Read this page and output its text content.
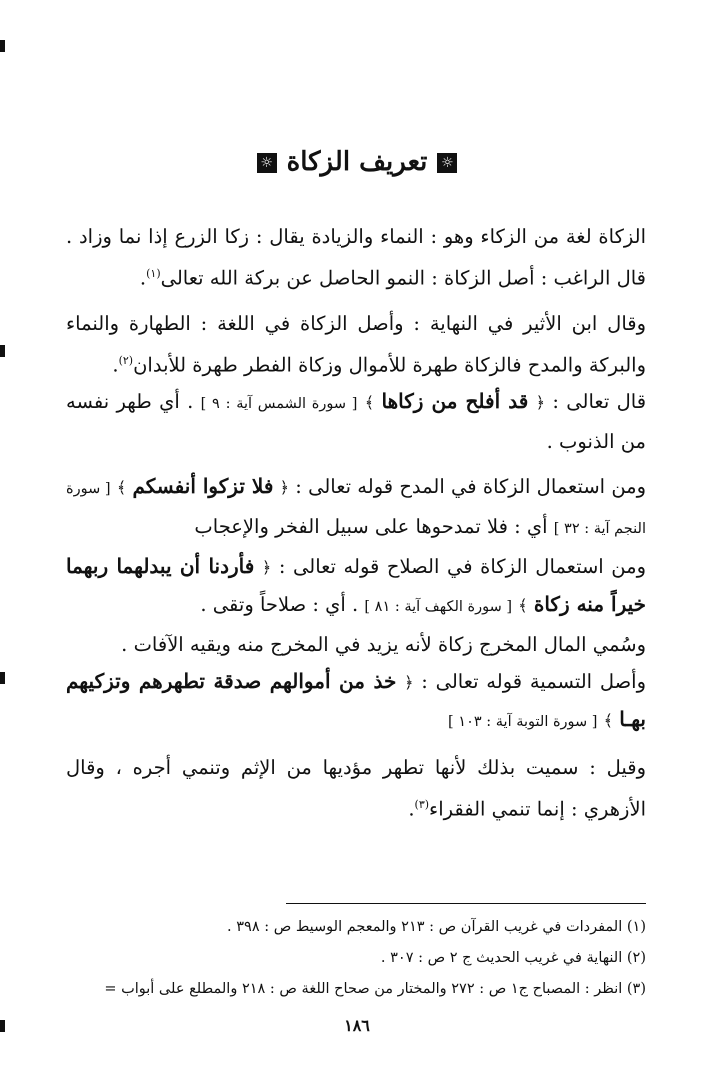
☼تعريف الزكاة☼

الزكاة لغة من الزكاء وهو : النماء والزيادة يقال : زكا الزرع إذا نما وزاد . قال الراغب : أصل الزكاة : النمو الحاصل عن بركة الله تعالى$^{(١)}$.

وقال ابن الأثير في النهاية : وأصل الزكاة في اللغة : الطهارة والنماء والبركة والمدح فالزكاة طهرة للأموال وزكاة الفطر طهرة للأبدان$^{(٢)}$.

قال تعالى : ﴿ قد أفلح من زكاها ﴾ [ سورة الشمس آية : ٩ ] . أي طهر نفسه من الذنوب .

ومن استعمال الزكاة في المدح قوله تعالى : ﴿ فلا تزكوا أنفسكم ﴾ [ سورة النجم آية : ٣٢ ] أي : فلا تمدحوها على سبيل الفخر والإعجاب

ومن استعمال الزكاة في الصلاح قوله تعالى : ﴿ فأردنا أن يبدلهما ربهما خيراً منه زكاة ﴾ [ سورة الكهف آية : ٨١ ] . أي : صلاحاً وتقى .

وسُمي المال المخرج زكاة لأنه يزيد في المخرج منه ويقيه الآفات .

وأصل التسمية قوله تعالى : ﴿ خذ من أموالهم صدقة تطهرهم وتزكيهم بهـا ﴾ [ سورة التوبة آية : ١٠٣ ]

وقيل : سميت بذلك لأنها تطهر مؤديها من الإثم وتنمي أجره ، وقال الأزهري : إنما تنمي الفقراء$^{(٣)}$.

(١) المفردات في غريب القرآن ص : ٢١٣ والمعجم الوسيط ص : ٣٩٨ .
(٢) النهاية في غريب الحديث ج ٢ ص : ٣٠٧ .
(٣) انظر : المصباح ج١ ص : ٢٧٢ والمختار من صحاح اللغة ص : ٢١٨ والمطلع على أبواب =
١٨٦
